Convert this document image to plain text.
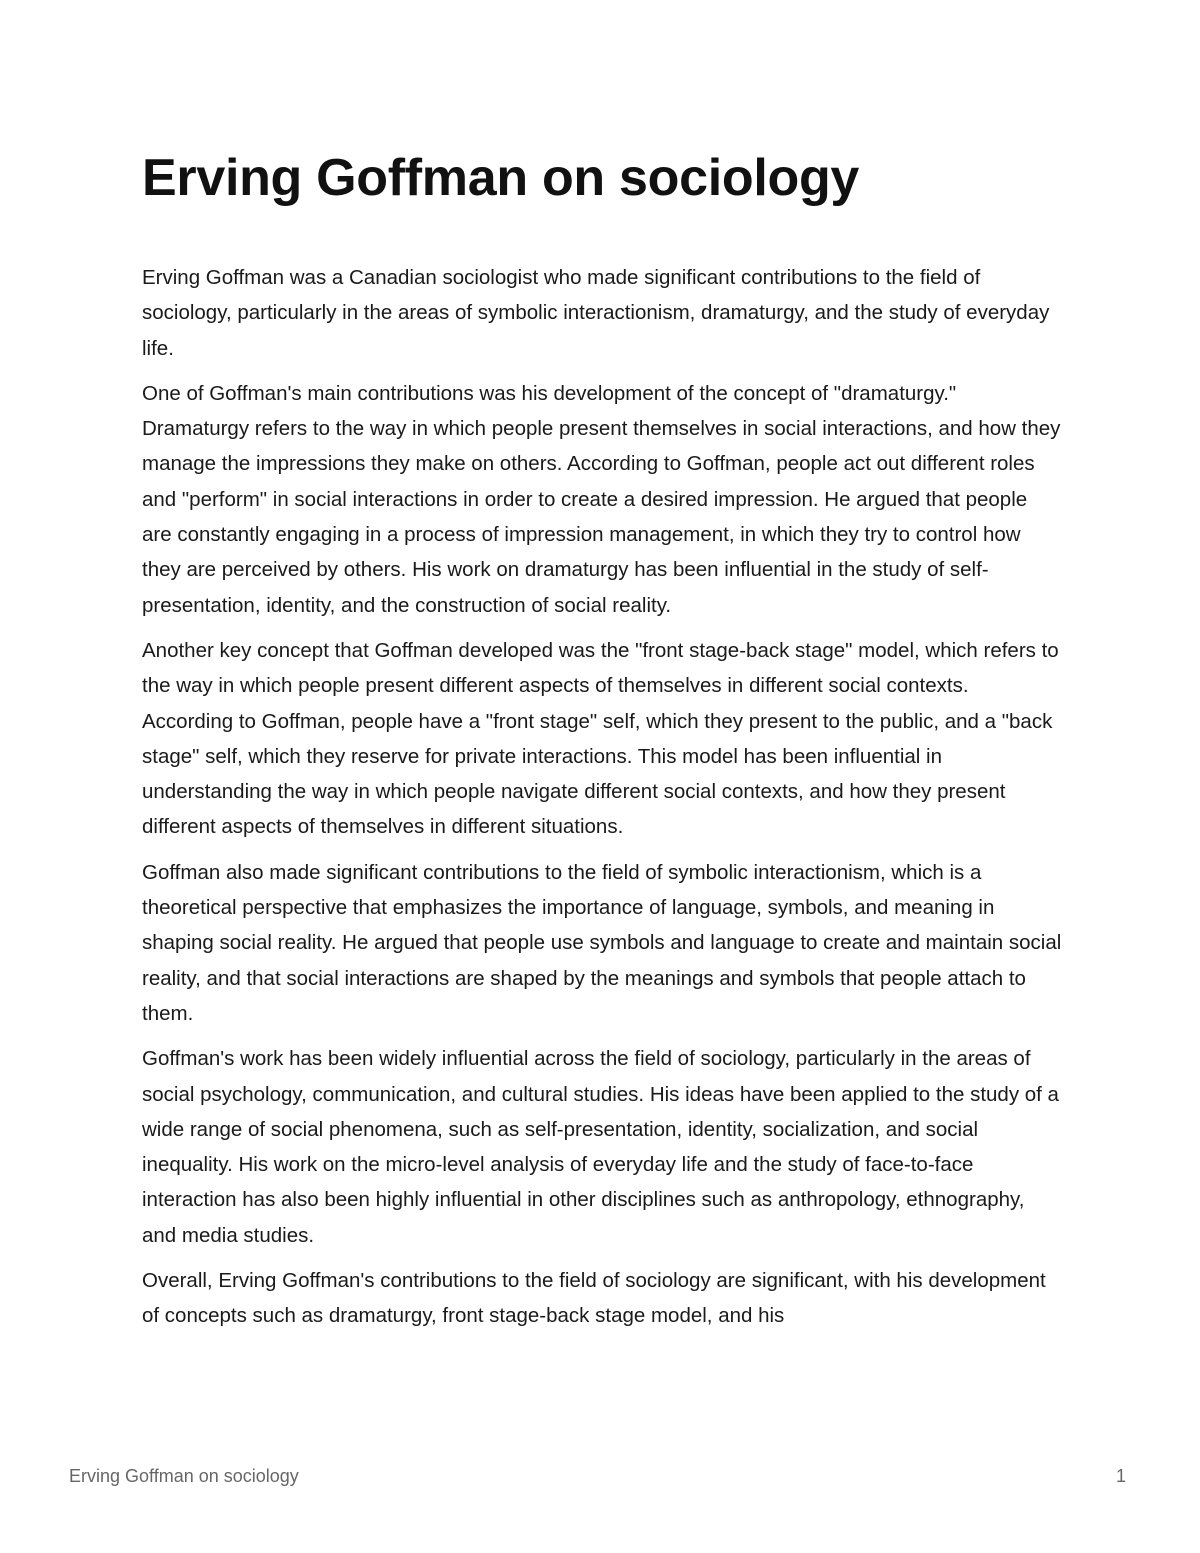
Erving Goffman on sociology

Erving Goffman was a Canadian sociologist who made significant contributions to the field of sociology, particularly in the areas of symbolic interactionism, dramaturgy, and the study of everyday life.

One of Goffman's main contributions was his development of the concept of "dramaturgy." Dramaturgy refers to the way in which people present themselves in social interactions, and how they manage the impressions they make on others. According to Goffman, people act out different roles and "perform" in social interactions in order to create a desired impression. He argued that people are constantly engaging in a process of impression management, in which they try to control how they are perceived by others. His work on dramaturgy has been influential in the study of self-presentation, identity, and the construction of social reality.

Another key concept that Goffman developed was the "front stage-back stage" model, which refers to the way in which people present different aspects of themselves in different social contexts. According to Goffman, people have a "front stage" self, which they present to the public, and a "back stage" self, which they reserve for private interactions. This model has been influential in understanding the way in which people navigate different social contexts, and how they present different aspects of themselves in different situations.

Goffman also made significant contributions to the field of symbolic interactionism, which is a theoretical perspective that emphasizes the importance of language, symbols, and meaning in shaping social reality. He argued that people use symbols and language to create and maintain social reality, and that social interactions are shaped by the meanings and symbols that people attach to them.

Goffman's work has been widely influential across the field of sociology, particularly in the areas of social psychology, communication, and cultural studies. His ideas have been applied to the study of a wide range of social phenomena, such as self-presentation, identity, socialization, and social inequality. His work on the micro-level analysis of everyday life and the study of face-to-face interaction has also been highly influential in other disciplines such as anthropology, ethnography, and media studies.

Overall, Erving Goffman's contributions to the field of sociology are significant, with his development of concepts such as dramaturgy, front stage-back stage model, and his

Erving Goffman on sociology	1
